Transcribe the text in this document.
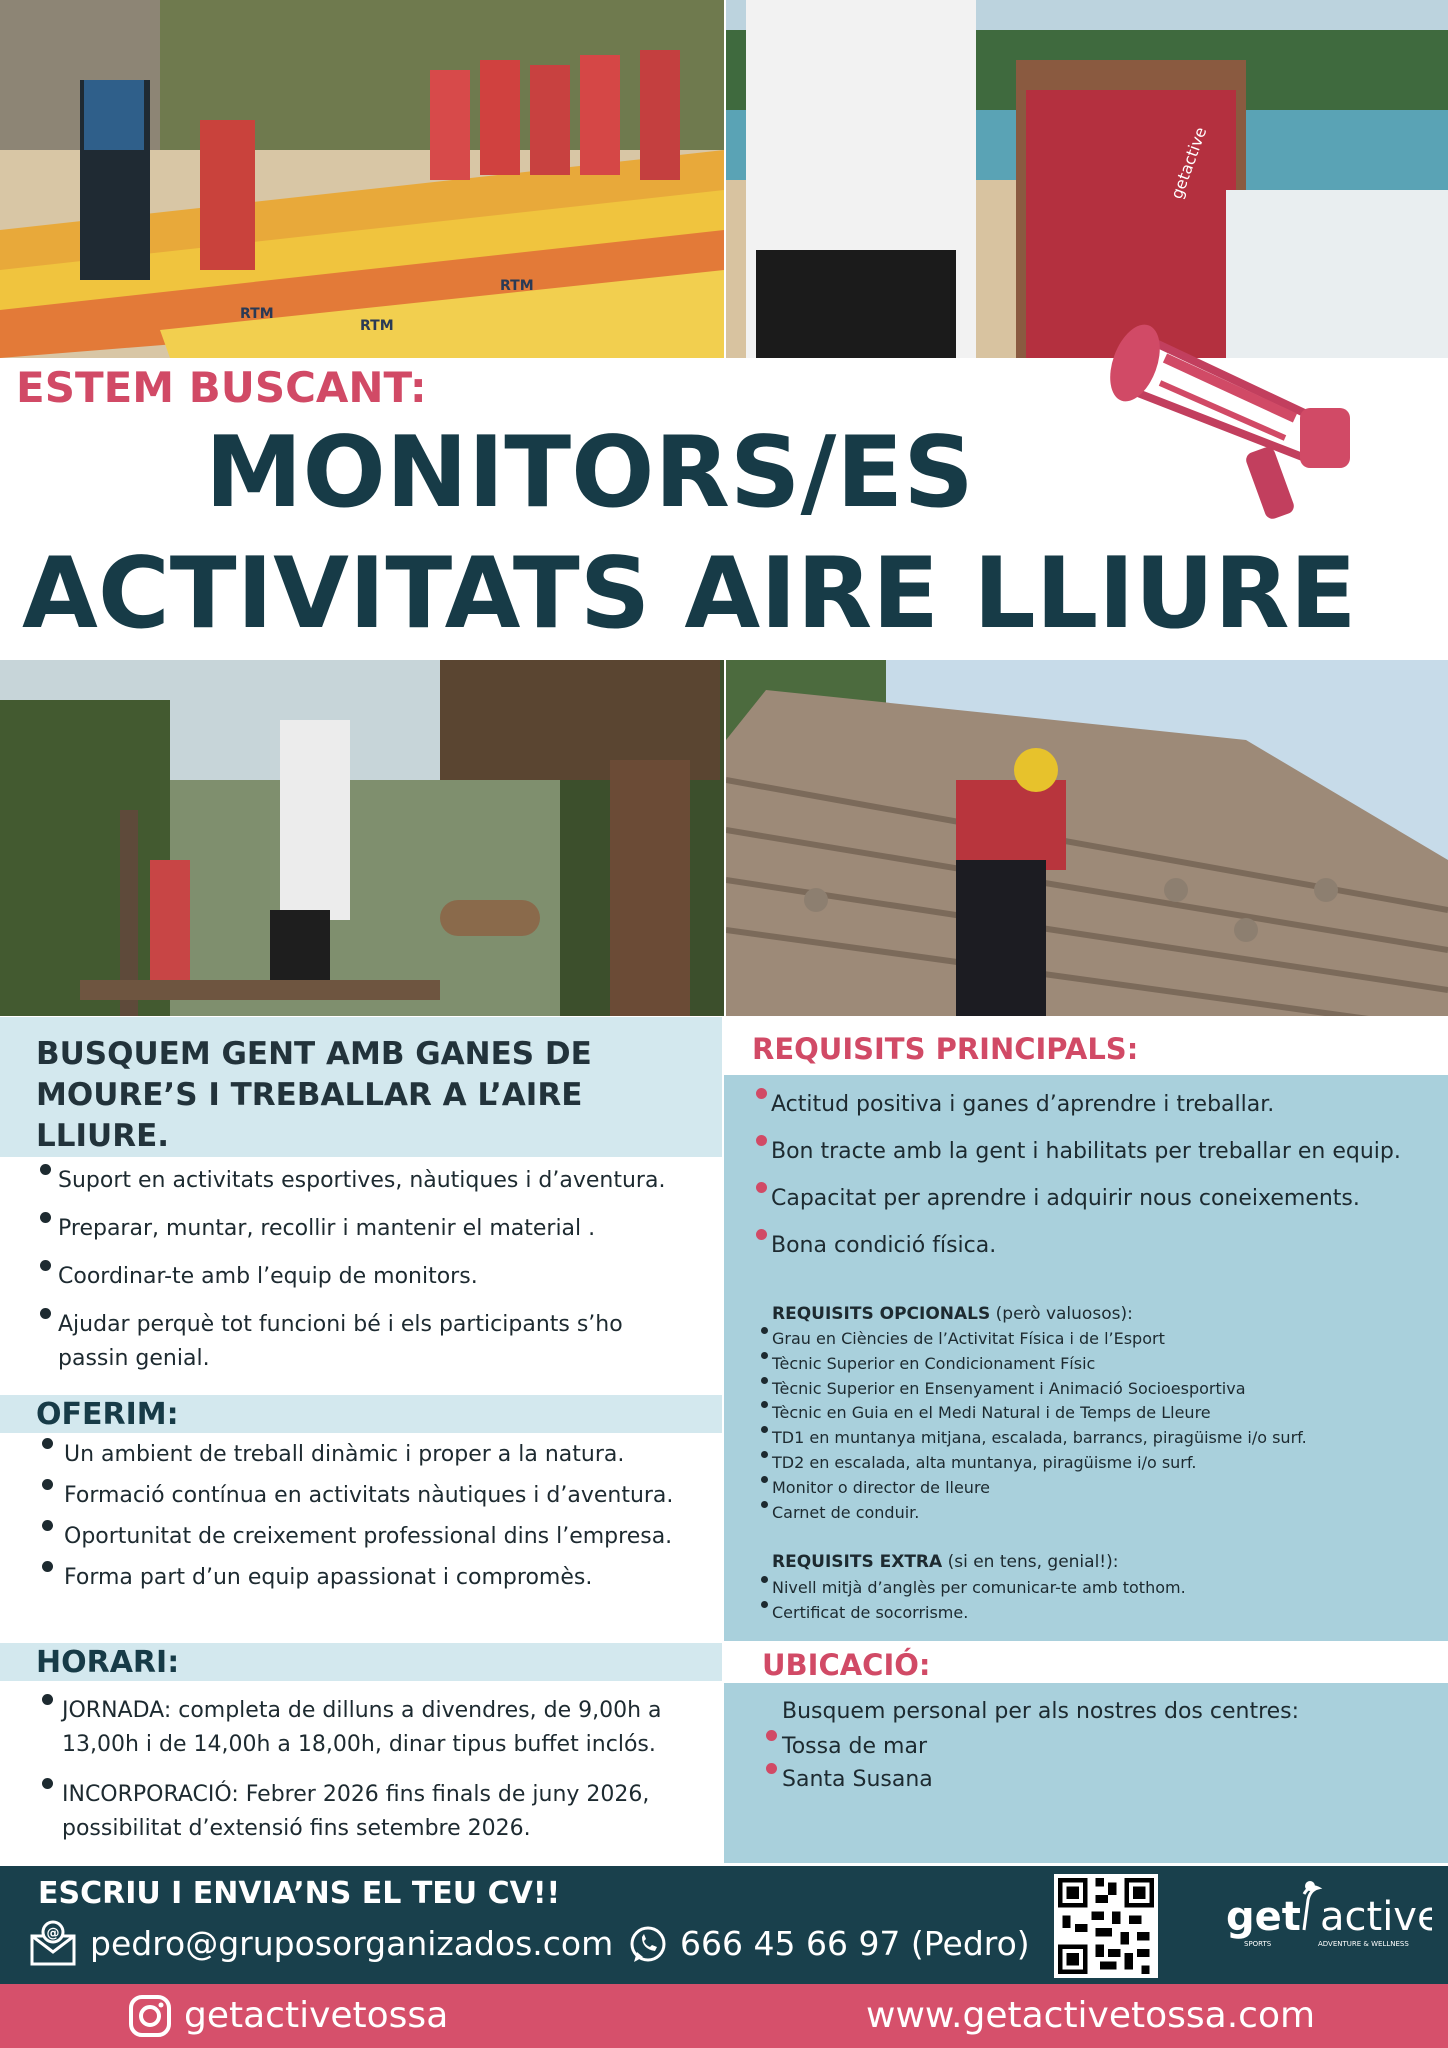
RTM
RTM
RTM
getactive
ESTEM BUSCANT:
MONITORS/ES
ACTIVITATS AIRE LLIURE
BUSQUEM GENT AMB GANES DE MOURE’S I TREBALLAR A L’AIRE LLIURE.
Suport en activitats esportives, nàutiques i d’aventura.
Preparar, muntar, recollir i mantenir el material .
Coordinar-te amb l’equip de monitors.
Ajudar perquè tot funcioni bé i els participants s’ho passin genial.
OFERIM:
Un ambient de treball dinàmic i proper a la natura.
Formació contínua en activitats nàutiques i d’aventura.
Oportunitat de creixement professional dins l’empresa.
Forma part d’un equip apassionat i compromès.
HORARI:
JORNADA: completa de dilluns a divendres, de 9,00h a 13,00h i de 14,00h a 18,00h, dinar tipus buffet inclós.
INCORPORACIÓ: Febrer 2026 fins finals de juny 2026, possibilitat d’extensió fins setembre 2026.
REQUISITS PRINCIPALS:
Actitud positiva i ganes d’aprendre i treballar.
Bon tracte amb la gent i habilitats per treballar en equip.
Capacitat per aprendre i adquirir nous coneixements.
Bona condició física.
REQUISITS OPCIONALS (però valuosos):
Grau en Ciències de l’Activitat Física i de l’Esport
Tècnic Superior en Condicionament Físic
Tècnic Superior en Ensenyament i Animació Socioesportiva
Tècnic en Guia en el Medi Natural i de Temps de Lleure
TD1 en muntanya mitjana, escalada, barrancs, piragüisme i/o surf.
TD2 en escalada, alta muntanya, piragüisme i/o surf.
Monitor o director de lleure
Carnet de conduir.
REQUISITS EXTRA (si en tens, genial!):
Nivell mitjà d’anglès per comunicar-te amb tothom.
Certificat de socorrisme.
UBICACIÓ:
Busquem personal per als nostres dos centres:
Tossa de mar
Santa Susana
ESCRIU I ENVIA’NS EL TEU CV!!
@ pedro@gruposorganizados.com 666 45 66 97 (Pedro)
get active
SPORTS	ADVENTURE & WELLNESS
getactivetossa	www.getactivetossa.com
